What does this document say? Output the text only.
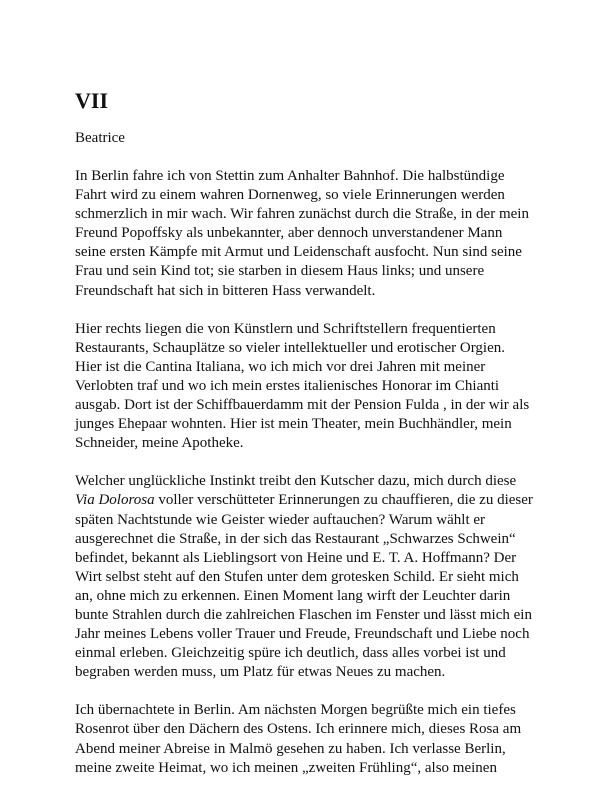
VII
Beatrice
In Berlin fahre ich von Stettin zum Anhalter Bahnhof. Die halbstündige
Fahrt wird zu einem wahren Dornenweg, so viele Erinnerungen werden
schmerzlich in mir wach. Wir fahren zunächst durch die Straße, in der mein
Freund Popoffsky als unbekannter, aber dennoch unverstandener Mann
seine ersten Kämpfe mit Armut und Leidenschaft ausfocht. Nun sind seine
Frau und sein Kind tot; sie starben in diesem Haus links; und unsere
Freundschaft hat sich in bitteren Hass verwandelt.
Hier rechts liegen die von Künstlern und Schriftstellern frequentierten
Restaurants, Schauplätze so vieler intellektueller und erotischer Orgien.
Hier ist die Cantina Italiana, wo ich mich vor drei Jahren mit meiner
Verlobten traf und wo ich mein erstes italienisches Honorar im Chianti
ausgab. Dort ist der Schiffbauerdamm mit der Pension Fulda , in der wir als
junges Ehepaar wohnten. Hier ist mein Theater, mein Buchhändler, mein
Schneider, meine Apotheke.
Welcher unglückliche Instinkt treibt den Kutscher dazu, mich durch diese
Via Dolorosa voller verschütteter Erinnerungen zu chauffieren, die zu dieser
späten Nachtstunde wie Geister wieder auftauchen? Warum wählt er
ausgerechnet die Straße, in der sich das Restaurant „Schwarzes Schwein“
befindet, bekannt als Lieblingsort von Heine und E. T. A. Hoffmann? Der
Wirt selbst steht auf den Stufen unter dem grotesken Schild. Er sieht mich
an, ohne mich zu erkennen. Einen Moment lang wirft der Leuchter darin
bunte Strahlen durch die zahlreichen Flaschen im Fenster und lässt mich ein
Jahr meines Lebens voller Trauer und Freude, Freundschaft und Liebe noch
einmal erleben. Gleichzeitig spüre ich deutlich, dass alles vorbei ist und
begraben werden muss, um Platz für etwas Neues zu machen.
Ich übernachtete in Berlin. Am nächsten Morgen begrüßte mich ein tiefes
Rosenrot über den Dächern des Ostens. Ich erinnere mich, dieses Rosa am
Abend meiner Abreise in Malmö gesehen zu haben. Ich verlasse Berlin,
meine zweite Heimat, wo ich meinen „zweiten Frühling“, also meinen
